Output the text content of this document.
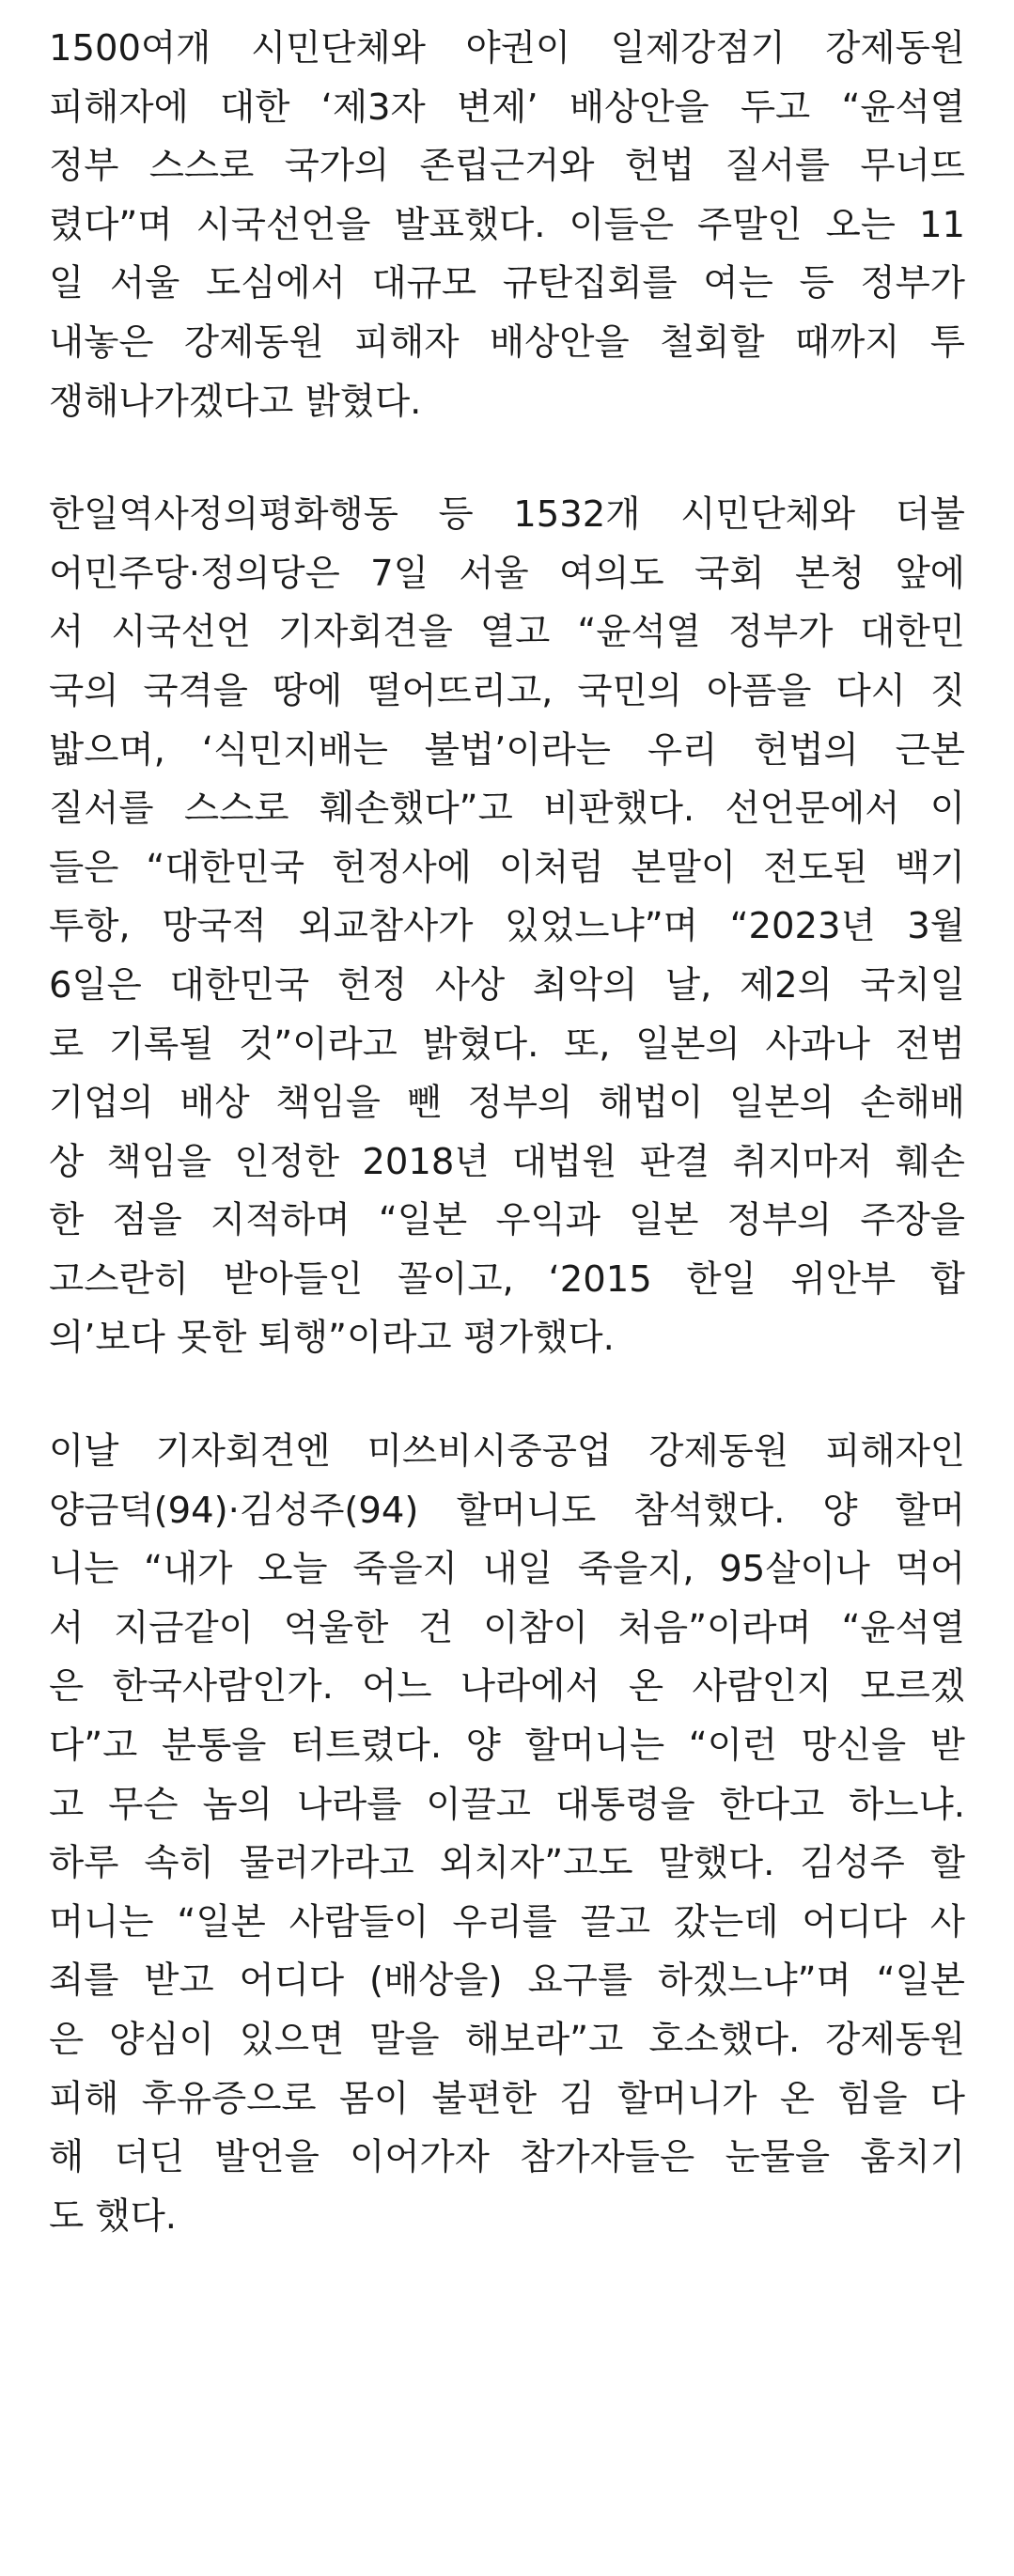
1500여개 시민단체와 야권이 일제강점기 강제동원
피해자에 대한 ‘제3자 변제’ 배상안을 두고 “윤석열
정부 스스로 국가의 존립근거와 헌법 질서를 무너뜨
렸다”며 시국선언을 발표했다. 이들은 주말인 오는 11
일 서울 도심에서 대규모 규탄집회를 여는 등 정부가
내놓은 강제동원 피해자 배상안을 철회할 때까지 투
쟁해나가겠다고 밝혔다.

한일역사정의평화행동 등 1532개 시민단체와 더불
어민주당·정의당은 7일 서울 여의도 국회 본청 앞에
서 시국선언 기자회견을 열고 “윤석열 정부가 대한민
국의 국격을 땅에 떨어뜨리고, 국민의 아픔을 다시 짓
밟으며, ‘식민지배는 불법’이라는 우리 헌법의 근본
질서를 스스로 훼손했다”고 비판했다. 선언문에서 이
들은 “대한민국 헌정사에 이처럼 본말이 전도된 백기
투항, 망국적 외교참사가 있었느냐”며 “2023년 3월
6일은 대한민국 헌정 사상 최악의 날, 제2의 국치일
로 기록될 것”이라고 밝혔다. 또, 일본의 사과나 전범
기업의 배상 책임을 뺀 정부의 해법이 일본의 손해배
상 책임을 인정한 2018년 대법원 판결 취지마저 훼손
한 점을 지적하며 “일본 우익과 일본 정부의 주장을
고스란히 받아들인 꼴이고, ‘2015 한일 위안부 합
의’보다 못한 퇴행”이라고 평가했다.

이날 기자회견엔 미쓰비시중공업 강제동원 피해자인
양금덕(94)·김성주(94) 할머니도 참석했다. 양 할머
니는 “내가 오늘 죽을지 내일 죽을지, 95살이나 먹어
서 지금같이 억울한 건 이참이 처음”이라며 “윤석열
은 한국사람인가. 어느 나라에서 온 사람인지 모르겠
다”고 분통을 터트렸다. 양 할머니는 “이런 망신을 받
고 무슨 놈의 나라를 이끌고 대통령을 한다고 하느냐.
하루 속히 물러가라고 외치자”고도 말했다. 김성주 할
머니는 “일본 사람들이 우리를 끌고 갔는데 어디다 사
죄를 받고 어디다 (배상을) 요구를 하겠느냐”며 “일본
은 양심이 있으면 말을 해보라”고 호소했다. 강제동원
피해 후유증으로 몸이 불편한 김 할머니가 온 힘을 다
해 더딘 발언을 이어가자 참가자들은 눈물을 훔치기
도 했다.
